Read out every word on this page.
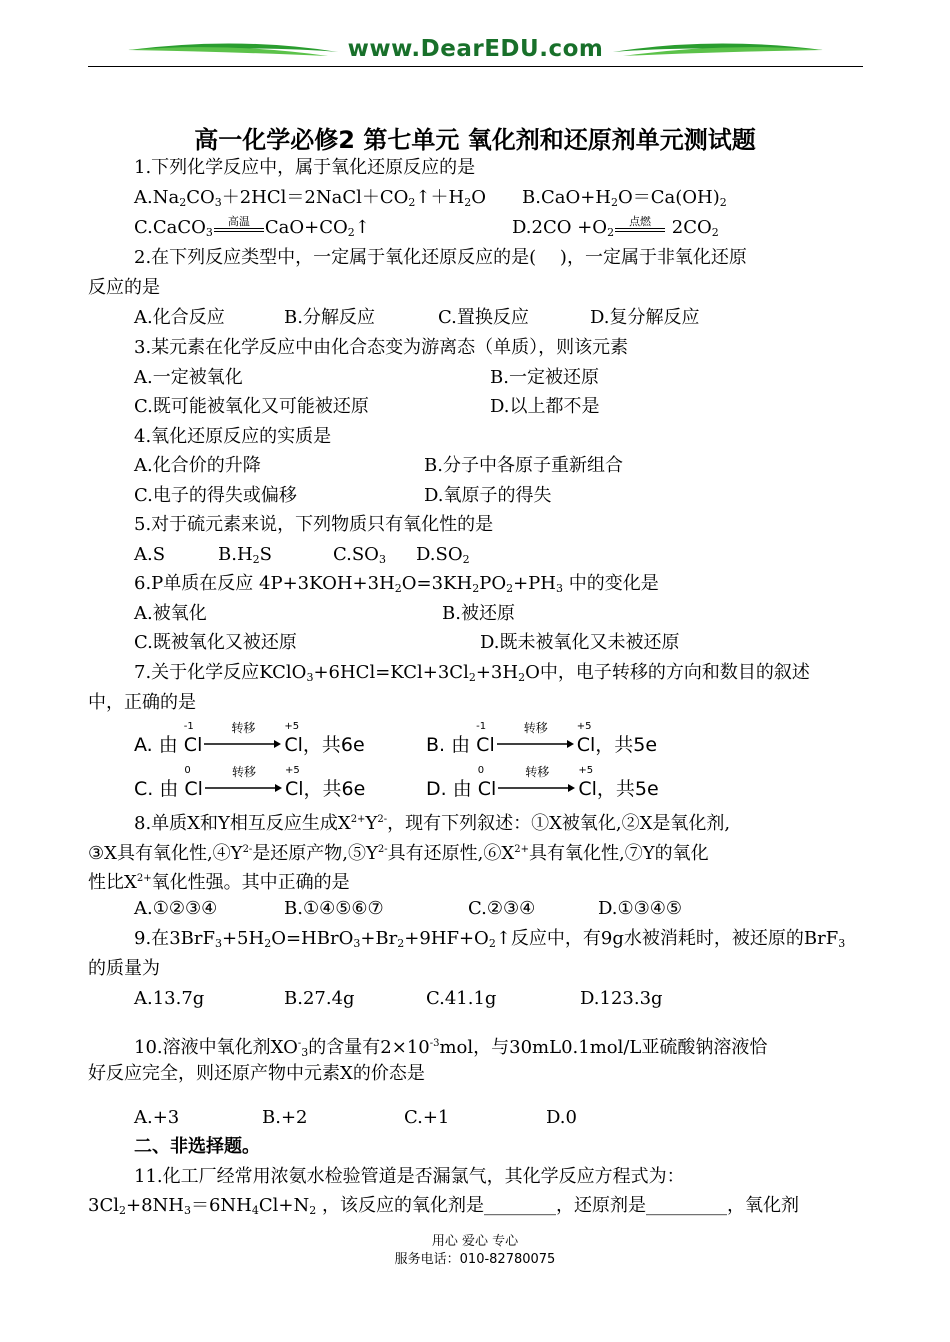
www.DearEDU.com
高一化学必修2 第七单元 氧化剂和还原剂单元测试题
1.下列化学反应中，属于氧化还原反应的是
$A.Na_2CO_3+2HCl=2NaCl+CO_2↑+H_2O$ $B.CaO+H_2O=Ca(OH)_2$
C.CaCO$_3$高温 $CaO+CO_2↑$	$D.2CO +O_2$点燃
$2CO_2$
2.在下列反应类型中，一定属于氧化还原反应的是(　 )，一定属于非氧化还原
反应的是
A.化合反应	B.分解反应	C.置换反应	D.复分解反应
3.某元素在化学反应中由化合态变为游离态（单质），则该元素
A.一定被氧化	B.一定被还原
C.既可能被氧化又可能被还原	D.以上都不是
4.氧化还原反应的实质是
A.化合价的升降	B.分子中各原子重新组合
C.电子的得失或偏移	D.氧原子的得失
5.对于硫元素来说，下列物质只有氧化性的是
A.S	$B.H_2S$	$C.SO_3$ $D.SO_2$
6.P单质在反应 $4P+3KOH+3H_2O=3KH_2PO_2+PH_3$ 中的变化是
A.被氧化	B.被还原
C.既被氧化又被还原	D.既未被氧化又未被还原
7.关于化学反应$KClO_3+6HCl=KCl+3Cl_2+3H_2O$中，电子转移的方向和数目的叙述
中，正确的是
A. 由 Cl
-1	转移
Cl
+5
，共6e	B. 由 Cl
-1	转移
Cl
+5
，共5e
C. 由 Cl
0	转移
Cl
+5
，共6e	D. 由 Cl
0	转移
Cl
+5
，共5e
8.单质X和Y相互反应生成$X^{2+}Y^{2-}$，现有下列叙述：①X被氧化,②X是氧化剂,
③X具有氧化性$,④Y^{2-}$是还原产物$,⑤Y^{2-}$具有还原性$,⑥X^{2+}$具有氧化性,⑦Y的氧化
性比$X^{2+}$氧化性强。其中正确的是
A.①②③④	B.①④⑤⑥⑦	C.②③④	D.①③④⑤
9.在$3BrF_3+5H_2O=HBrO_3+Br_2+9HF+O_2↑$反应中，有9g水被消耗时，被还原的BrF$_3$
的质量为
A.13.7g	B.27.4g	C.41.1g	D.123.3g
10.溶液中氧化剂$XO^-_3$的含量有$2\times 10^{-3}mol$，与30mL0.1mol/L亚硫酸钠溶液恰
好反应完全，则还原产物中元素X的价态是
A.+3	B.+2	C.+1	D.0
二、非选择题。
11.化工厂经常用浓氨水检验管道是否漏氯气，其化学反应方程式为：
$3Cl_2+8NH_3=6NH_4Cl+N_2$ ，该反应的氧化剂是________，还原剂是_________，氧化剂
用心 爱心 专心
服务电话：010-82780075
